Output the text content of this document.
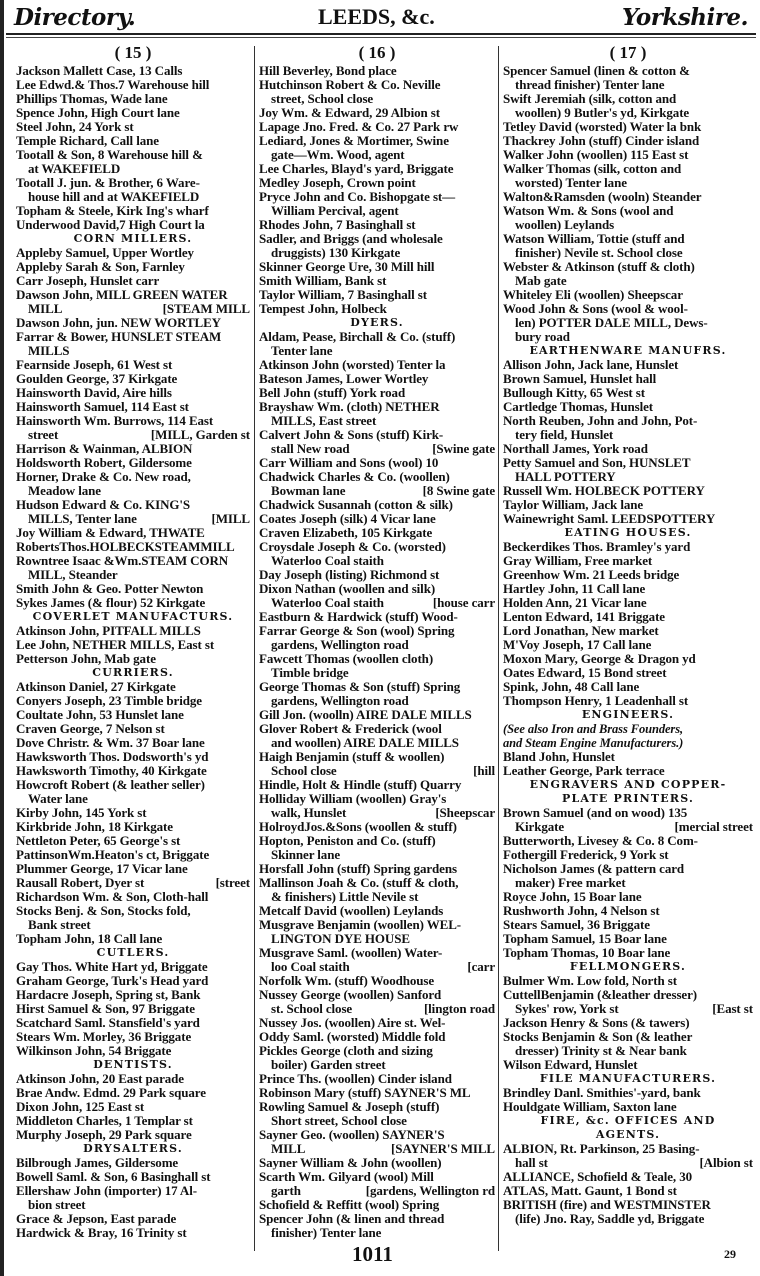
Directory.	LEEDS, &c.	Yorkshire.
( 15 )
Jackson Mallett Case, 13 Calls
Lee Edwd.& Thos.7 Warehouse hill
Phillips Thomas, Wade lane
Spence John, High Court lane
Steel John, 24 York st
Temple Richard, Call lane
Tootall & Son, 8 Warehouse hill &
at WAKEFIELD
Tootall J. jun. & Brother, 6 Ware-
house hill and at WAKEFIELD
Topham & Steele, Kirk Ing's wharf
Underwood David,7 High Court la
CORN MILLERS.
Appleby Samuel, Upper Wortley
Appleby Sarah & Son, Farnley
Carr Joseph, Hunslet carr
Dawson John, MILL GREEN WATER
MILL	[STEAM MILL
Dawson John, jun. NEW WORTLEY
Farrar & Bower, HUNSLET STEAM
MILLS
Fearnside Joseph, 61 West st
Goulden George, 37 Kirkgate
Hainsworth David, Aire hills
Hainsworth Samuel, 114 East st
Hainsworth Wm. Burrows, 114 East
street	[MILL, Garden st
Harrison & Wainman, ALBION
Holdsworth Robert, Gildersome
Horner, Drake & Co. New road,
Meadow lane
Hudson Edward & Co. KING'S
MILLS, Tenter lane	[MILL
Joy William & Edward, THWATE
RobertsThos.HOLBECKSTEAMMILL
Rowntree Isaac &Wm.STEAM CORN
MILL, Steander
Smith John & Geo. Potter Newton
Sykes James (& flour) 52 Kirkgate
COVERLET MANUFACTURS.
Atkinson John, PITFALL MILLS
Lee John, NETHER MILLS, East st
Petterson John, Mab gate
CURRIERS.
Atkinson Daniel, 27 Kirkgate
Conyers Joseph, 23 Timble bridge
Coultate John, 53 Hunslet lane
Craven George, 7 Nelson st
Dove Christr. & Wm. 37 Boar lane
Hawksworth Thos. Dodsworth's yd
Hawksworth Timothy, 40 Kirkgate
Howcroft Robert (& leather seller)
Water lane
Kirby John, 145 York st
Kirkbride John, 18 Kirkgate
Nettleton Peter, 65 George's st
PattinsonWm.Heaton's ct, Briggate
Plummer George, 17 Vicar lane
Rausall Robert, Dyer st	[street
Richardson Wm. & Son, Cloth-hall
Stocks Benj. & Son, Stocks fold,
Bank street
Topham John, 18 Call lane
CUTLERS.
Gay Thos. White Hart yd, Briggate
Graham George, Turk's Head yard
Hardacre Joseph, Spring st, Bank
Hirst Samuel & Son, 97 Briggate
Scatchard Saml. Stansfield's yard
Stears Wm. Morley, 36 Briggate
Wilkinson John, 54 Briggate
DENTISTS.
Atkinson John, 20 East parade
Brae Andw. Edmd. 29 Park square
Dixon John, 125 East st
Middleton Charles, 1 Templar st
Murphy Joseph, 29 Park square
DRYSALTERS.
Bilbrough James, Gildersome
Bowell Saml. & Son, 6 Basinghall st
Ellershaw John (importer) 17 Al-
bion street
Grace & Jepson, East parade
Hardwick & Bray, 16 Trinity st
( 16 )
Hill Beverley, Bond place
Hutchinson Robert & Co. Neville
street, School close
Joy Wm. & Edward, 29 Albion st
Lapage Jno. Fred. & Co. 27 Park rw
Lediard, Jones & Mortimer, Swine
gate—Wm. Wood, agent
Lee Charles, Blayd's yard, Briggate
Medley Joseph, Crown point
Pryce John and Co. Bishopgate st—
William Percival, agent
Rhodes John, 7 Basinghall st
Sadler, and Briggs (and wholesale
druggists) 130 Kirkgate
Skinner George Ure, 30 Mill hill
Smith William, Bank st
Taylor William, 7 Basinghall st
Tempest John, Holbeck
DYERS.
Aldam, Pease, Birchall & Co. (stuff)
Tenter lane
Atkinson John (worsted) Tenter la
Bateson James, Lower Wortley
Bell John (stuff) York road
Brayshaw Wm. (cloth) NETHER
MILLS, East street
Calvert John & Sons (stuff) Kirk-
stall New road	[Swine gate
Carr William and Sons (wool) 10
Chadwick Charles & Co. (woollen)
Bowman lane	[8 Swine gate
Chadwick Susannah (cotton & silk)
Coates Joseph (silk) 4 Vicar lane
Craven Elizabeth, 105 Kirkgate
Croysdale Joseph & Co. (worsted)
Waterloo Coal staith
Day Joseph (listing) Richmond st
Dixon Nathan (woollen and silk)
Waterloo Coal staith	[house carr
Eastburn & Hardwick (stuff) Wood-
Farrar George & Son (wool) Spring
gardens, Wellington road
Fawcett Thomas (woollen cloth)
Timble bridge
George Thomas & Son (stuff) Spring
gardens, Wellington road
Gill Jon. (woolln) AIRE DALE MILLS
Glover Robert & Frederick (wool
and woollen) AIRE DALE MILLS
Haigh Benjamin (stuff & woollen)
School close	[hill
Hindle, Holt & Hindle (stuff) Quarry
Holliday William (woollen) Gray's
walk, Hunslet	[Sheepscar
HolroydJos.&Sons (woollen & stuff)
Hopton, Peniston and Co. (stuff)
Skinner lane
Horsfall John (stuff) Spring gardens
Mallinson Joah & Co. (stuff & cloth,
& finishers) Little Nevile st
Metcalf David (woollen) Leylands
Musgrave Benjamin (woollen) WEL-
LINGTON DYE HOUSE
Musgrave Saml. (woollen) Water-
loo Coal staith	[carr
Norfolk Wm. (stuff) Woodhouse
Nussey George (woollen) Sanford
st. School close	[lington road
Nussey Jos. (woollen) Aire st. Wel-
Oddy Saml. (worsted) Middle fold
Pickles George (cloth and sizing
boiler) Garden street
Prince Ths. (woollen) Cinder island
Robinson Mary (stuff) SAYNER'S ML
Rowling Samuel & Joseph (stuff)
Short street, School close
Sayner Geo. (woollen) SAYNER'S
MILL	[SAYNER'S MILL
Sayner William & John (woollen)
Scarth Wm. Gilyard (wool) Mill
garth	[gardens, Wellington rd
Schofield & Reffitt (wool) Spring
Spencer John (& linen and thread
finisher) Tenter lane
( 17 )
Spencer Samuel (linen & cotton &
thread finisher) Tenter lane
Swift Jeremiah (silk, cotton and
woollen) 9 Butler's yd, Kirkgate
Tetley David (worsted) Water la bnk
Thackrey John (stuff) Cinder island
Walker John (woollen) 115 East st
Walker Thomas (silk, cotton and
worsted) Tenter lane
Walton&Ramsden (wooln) Steander
Watson Wm. & Sons (wool and
woollen) Leylands
Watson William, Tottie (stuff and
finisher) Nevile st. School close
Webster & Atkinson (stuff & cloth)
Mab gate
Whiteley Eli (woollen) Sheepscar
Wood John & Sons (wool & wool-
len) POTTER DALE MILL, Dews-
bury road
EARTHENWARE MANUFRS.
Allison John, Jack lane, Hunslet
Brown Samuel, Hunslet hall
Bullough Kitty, 65 West st
Cartledge Thomas, Hunslet
North Reuben, John and John, Pot-
tery field, Hunslet
Northall James, York road
Petty Samuel and Son, HUNSLET
HALL POTTERY
Russell Wm. HOLBECK POTTERY
Taylor William, Jack lane
Wainewright Saml. LEEDSPOTTERY
EATING HOUSES.
Beckerdikes Thos. Bramley's yard
Gray William, Free market
Greenhow Wm. 21 Leeds bridge
Hartley John, 11 Call lane
Holden Ann, 21 Vicar lane
Lenton Edward, 141 Briggate
Lord Jonathan, New market
M'Voy Joseph, 17 Call lane
Moxon Mary, George & Dragon yd
Oates Edward, 15 Bond street
Spink, John, 48 Call lane
Thompson Henry, 1 Leadenhall st
ENGINEERS.
(See also Iron and Brass Founders,
and Steam Engine Manufacturers.)
Bland John, Hunslet
Leather George, Park terrace
ENGRAVERS AND COPPER-
PLATE PRINTERS.
Brown Samuel (and on wood) 135
Kirkgate	[mercial street
Butterworth, Livesey & Co. 8 Com-
Fothergill Frederick, 9 York st
Nicholson James (& pattern card
maker) Free market
Royce John, 15 Boar lane
Rushworth John, 4 Nelson st
Stears Samuel, 36 Briggate
Topham Samuel, 15 Boar lane
Topham Thomas, 10 Boar lane
FELLMONGERS.
Bulmer Wm. Low fold, North st
CuttellBenjamin (&leather dresser)
Sykes' row, York st	[East st
Jackson Henry & Sons (& tawers)
Stocks Benjamin & Son (& leather
dresser) Trinity st & Near bank
Wilson Edward, Hunslet
FILE MANUFACTURERS.
Brindley Danl. Smithies'-yard, bank
Houldgate William, Saxton lane
FIRE, &c. OFFICES AND
AGENTS.
ALBION, Rt. Parkinson, 25 Basing-
hall st	[Albion st
ALLIANCE, Schofield & Teale, 30
ATLAS, Matt. Gaunt, 1 Bond st
BRITISH (fire) and WESTMINSTER
(life) Jno. Ray, Saddle yd, Briggate
1011	29
